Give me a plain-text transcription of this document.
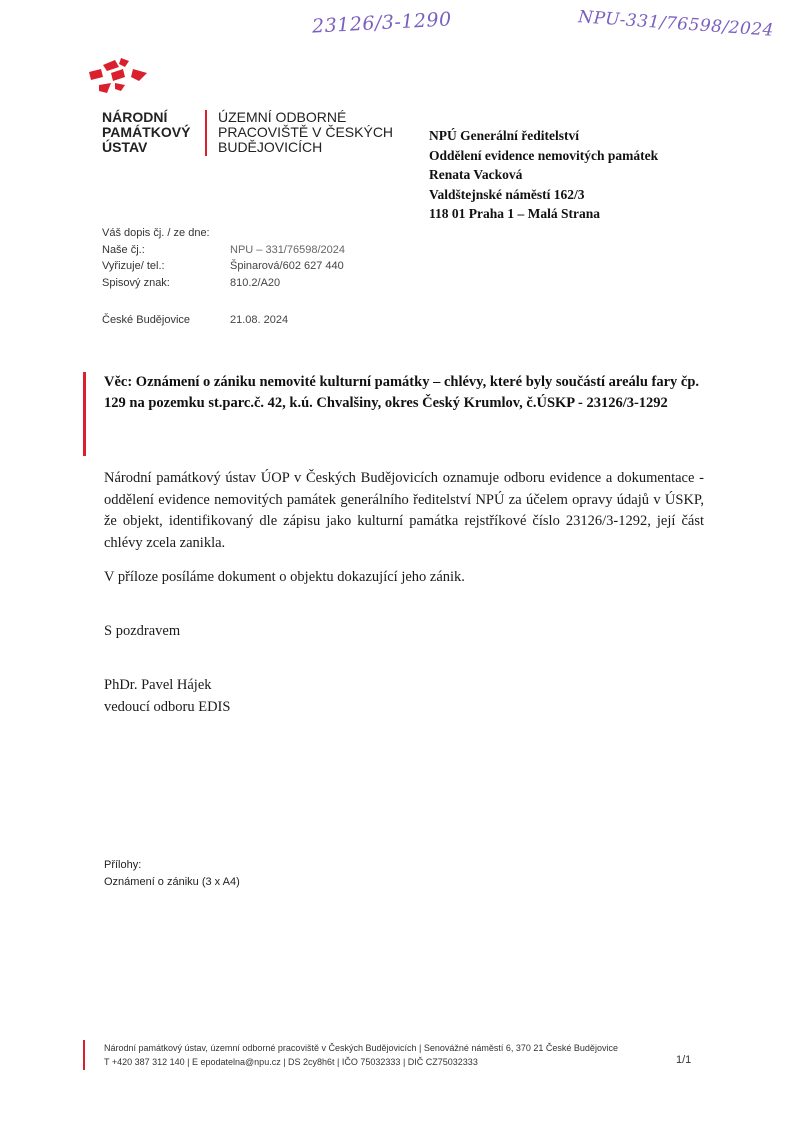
23126/3-1290	NPU-331/76598/2024
NÁRODNÍ
PAMÁTKOVÝ
ÚSTAV
ÚZEMNÍ ODBORNÉ
PRACOVIŠTĚ V ČESKÝCH
BUDĚJOVICÍCH
NPÚ Generální ředitelství
Oddělení evidence nemovitých památek
Renata Vacková
Valdštejnské náměstí 162/3
118 01 Praha 1 – Malá Strana
Váš dopis čj. / ze dne:
Naše čj.:	NPU – 331/76598/2024
Vyřizuje/ tel.:	Špinarová/602 627 440
Spisový znak:	810.2/A20
České Budějovice	21.08. 2024
Věc: Oznámení o zániku nemovité kulturní památky – chlévy, které byly součástí areálu fary čp. 129 na pozemku st.parc.č. 42, k.ú. Chvalšiny, okres Český Krumlov, č.ÚSKP - 23126/3-1292
Národní památkový ústav ÚOP v Českých Budějovicích oznamuje odboru evidence a dokumentace - oddělení evidence nemovitých památek generálního ředitelství NPÚ za účelem opravy údajů v ÚSKP, že objekt, identifikovaný dle zápisu jako kulturní památka rejstříkové číslo 23126/3-1292, její část chlévy zcela zanikla.
V příloze posíláme dokument o objektu dokazující jeho zánik.
S pozdravem
PhDr. Pavel Hájek
vedoucí odboru EDIS
Přílohy:
Oznámení o zániku (3 x A4)
Národní památkový ústav, územní odborné pracoviště v Českých Budějovicích | Senovážné náměstí 6, 370 21 České Budějovice
T +420 387 312 140 | E epodatelna@npu.cz | DS 2cy8h6t | IČO 75032333 | DIČ CZ75032333	1/1
